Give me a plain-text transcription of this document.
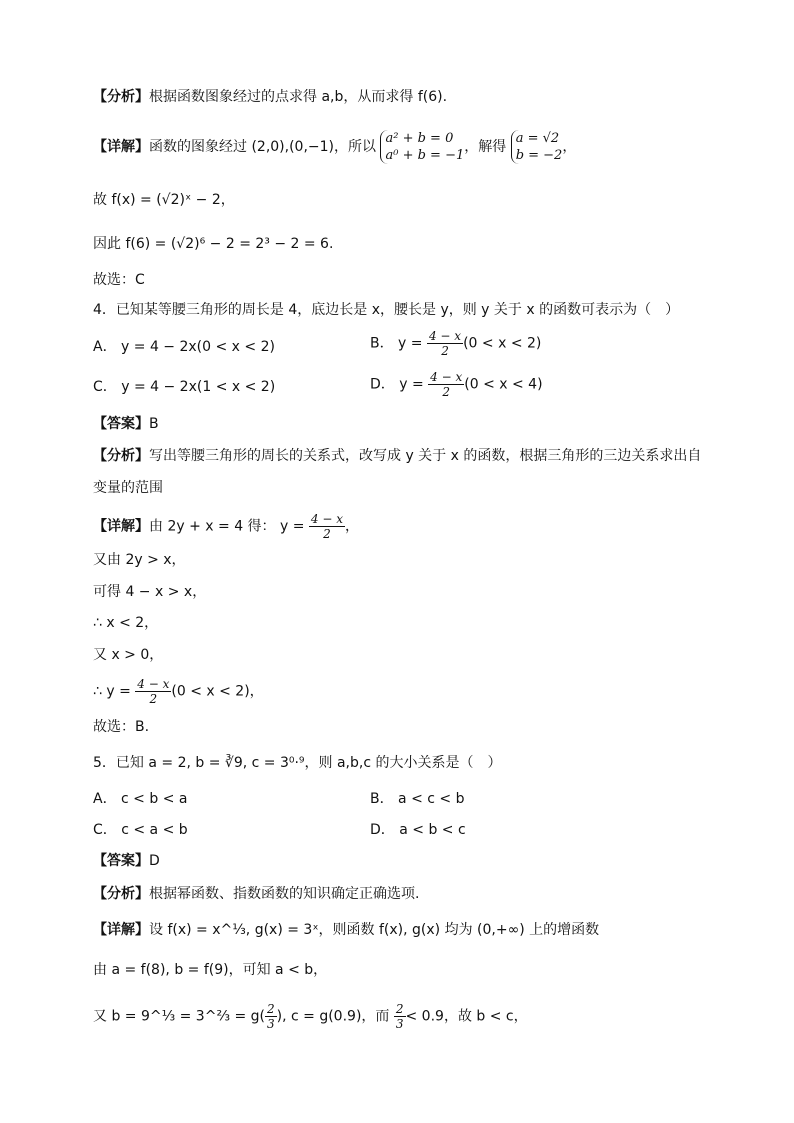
【分析】根据函数图象经过的点求得 a,b，从而求得 f(6).
【详解】函数的图象经过 (2,0),(0,−1)，所以
a² + b = 0
a⁰ + b = −1
，解得
a = √2
b = −2
，
故 f(x) = (√2)ˣ − 2，
因此 f(6) = (√2)⁶ − 2 = 2³ − 2 = 6.
故选：C
4．已知某等腰三角形的周长是 4，底边长是 x，腰长是 y，则 y 关于 x 的函数可表示为（　）
A． y = 4 − 2x(0 < x < 2)	B． $y = \frac{4 - x}{2} (0 < x < 2)$
C． y = 4 − 2x(1 < x < 2)	D． $y = \frac{4 - x}{2} (0 < x < 4)$
【答案】B
【分析】写出等腰三角形的周长的关系式，改写成 y 关于 x 的函数，根据三角形的三边关系求出自
变量的范围
【详解】由 2y + x = 4 得： $y = \frac{4 - x}{2}$ ，
又由 2y > x，
可得 4 − x > x，
∴ x < 2，
又 x > 0，
∴ $y = \frac{4 - x}{2} (0 < x < 2)$，
故选：B.
5．已知 a = 2, b = ∛9, c = 3⁰·⁹，则 a,b,c 的大小关系是（　）
A． c < b < a	B． a < c < b
C． c < a < b	D． a < b < c
【答案】D
【分析】根据幂函数、指数函数的知识确定正确选项.
【详解】设 f(x) = x^⅓, g(x) = 3ˣ，则函数 f(x), g(x) 均为 (0,+∞) 上的增函数
由 a = f(8), b = f(9)，可知 a < b，
又 b = 9^⅓ = 3^⅔ = $g( \frac{2}{3}$ ), c = g(0.9)，而 $\frac{2}{3} < 0.9$，故 b < c，
